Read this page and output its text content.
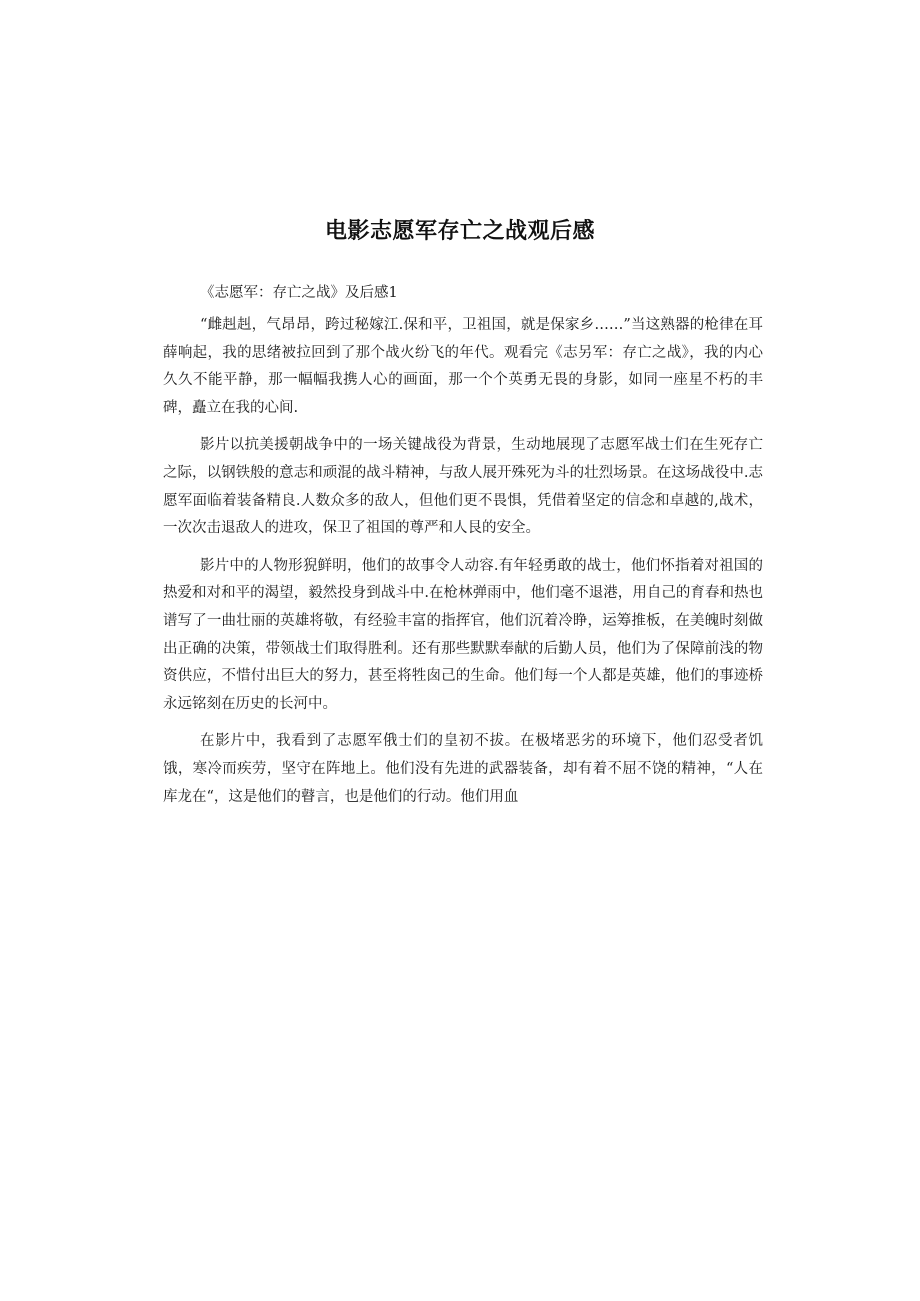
电影志愿军存亡之战观后感

《志愿军：存亡之战》及后感1

“雌赳赳，气昂昂，跨过秘嫁江.保和平，卫祖国，就是保家乡……”当这熟器的枪律在耳薛响起，我的思绪被拉回到了那个战火纷飞的年代。观看完《志另军：存亡之战》，我的内心久久不能平静，那一幅幅我携人心的画面，那一个个英勇无畏的身影，如同一座星不朽的丰碑，矗立在我的心间.

影片以抗美援朝战争中的一场关键战役为背景，生动地展现了志愿军战士们在生死存亡之际，以钢铁般的意志和顽混的战斗精神，与敌人展开殊死为斗的壮烈场景。在这场战役中.志愿军面临着装备精良.人数众多的敌人，但他们更不畏惧，凭借着坚定的信念和卓越的,战术，一次次击退敌人的进攻，保卫了祖国的尊严和人艮的安全。

影片中的人物形猊鲜明，他们的故事令人动容.有年轻勇敢的战士，他们怀指着对祖国的热爱和对和平的渴望，毅然投身到战斗中.在枪林弹雨中，他们毫不退港，用自己的育春和热也谱写了一曲壮丽的英雄将敬，有经验丰富的指挥官，他们沉着冷睁，运筹推板，在美魄时刻做出正确的决策，带领战士们取得胜利。还有那些默默奉献的后勤人员，他们为了保障前浅的物资供应，不惜付出巨大的努力，甚至将牲囱己的生命。他们每一个人都是英雄，他们的事迹桥永远铭刻在历史的长河中。

在影片中，我看到了志愿军俄士们的皇初不拔。在极堵恶劣的环境下，他们忍受者饥饿，寒冷而疾劳，坚守在阵地上。他们没有先进的武器装备，却有着不屈不饶的精神，“人在库龙在“，这是他们的瞽言，也是他们的行动。他们用血
